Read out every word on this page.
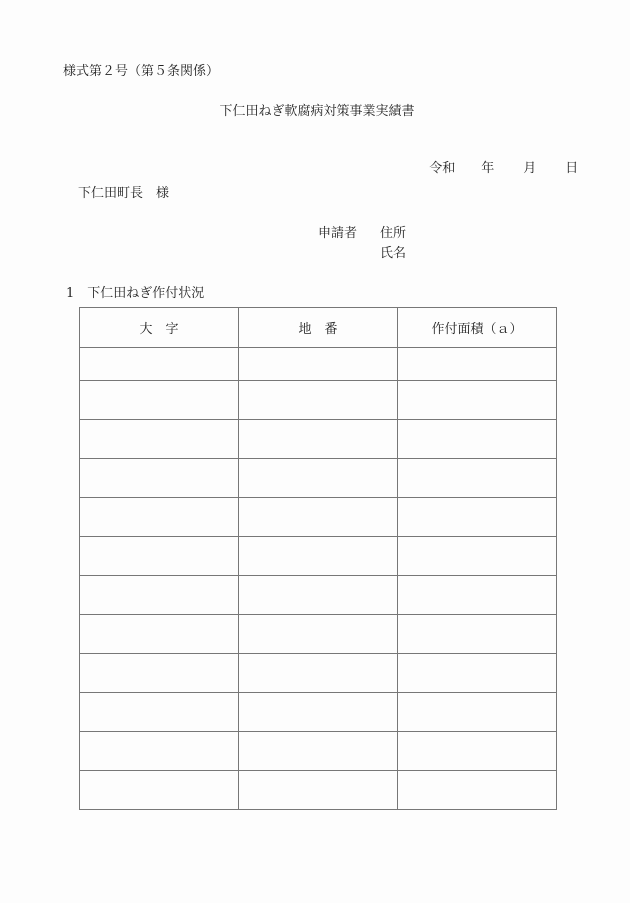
様式第２号（第５条関係）
下仁田ねぎ軟腐病対策事業実績書

令和 年 月 日

下仁田町長　様
申請者 住所
氏名
1　下仁田ねぎ作付状況
大　字	地　番	作付面積（ａ）
